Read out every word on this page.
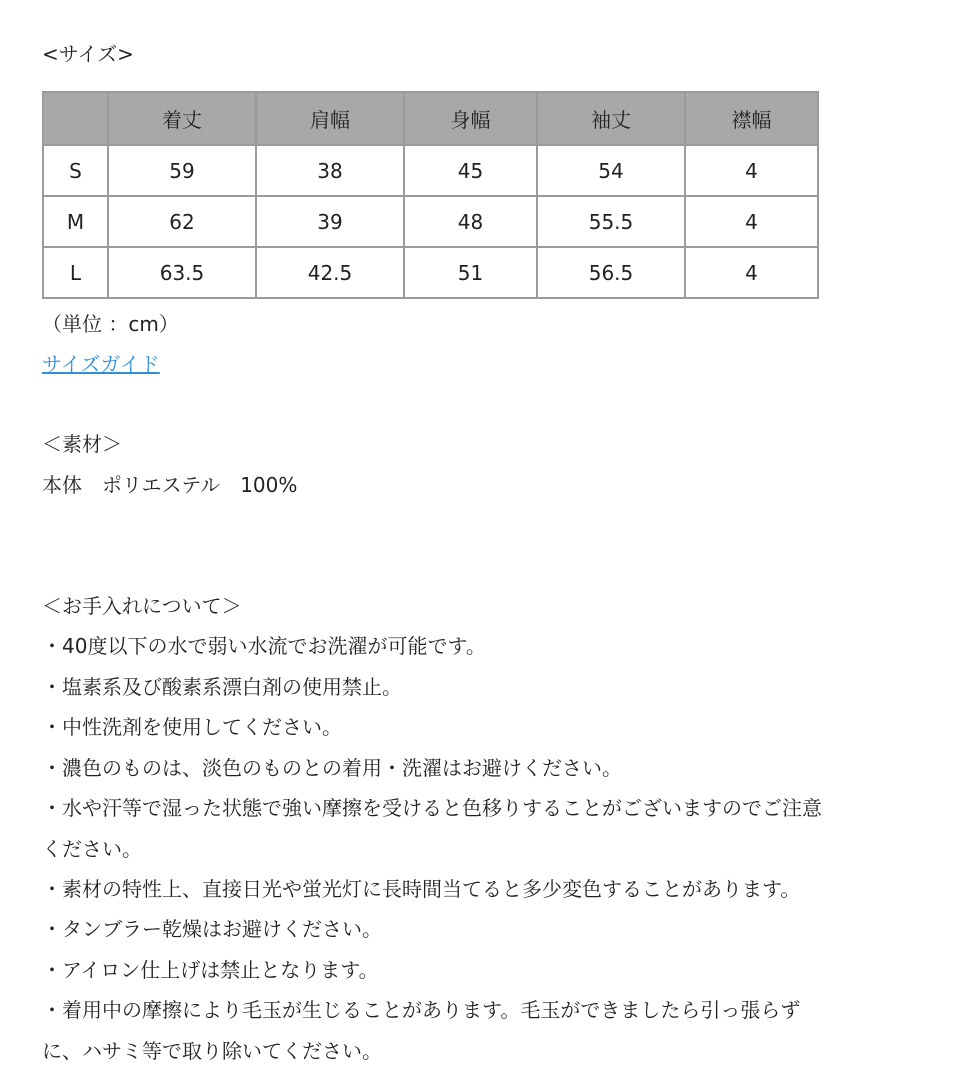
<サイズ>
	着丈	肩幅	身幅	袖丈	襟幅
S	59	38	45	54	4
M	62	39	48	55.5	4
L	63.5	42.5	51	56.5	4
（単位 ：cm）
サイズガイド
＜素材＞
本体　ポリエステル　100%
＜お手入れについて＞
・40度以下の水で弱い水流でお洗濯が可能です。
・塩素系及び酸素系漂白剤の使用禁止。
・中性洗剤を使用してください。
・濃色のものは、淡色のものとの着用・洗濯はお避けください。
・水や汗等で湿った状態で強い摩擦を受けると色移りすることがございますのでご注意
ください。
・素材の特性上、直接日光や蛍光灯に長時間当てると多少変色することがあります。
・タンブラー乾燥はお避けください。
・アイロン仕上げは禁止となります。
・着用中の摩擦により毛玉が生じることがあります。毛玉ができましたら引っ張らず
に、ハサミ等で取り除いてください。
